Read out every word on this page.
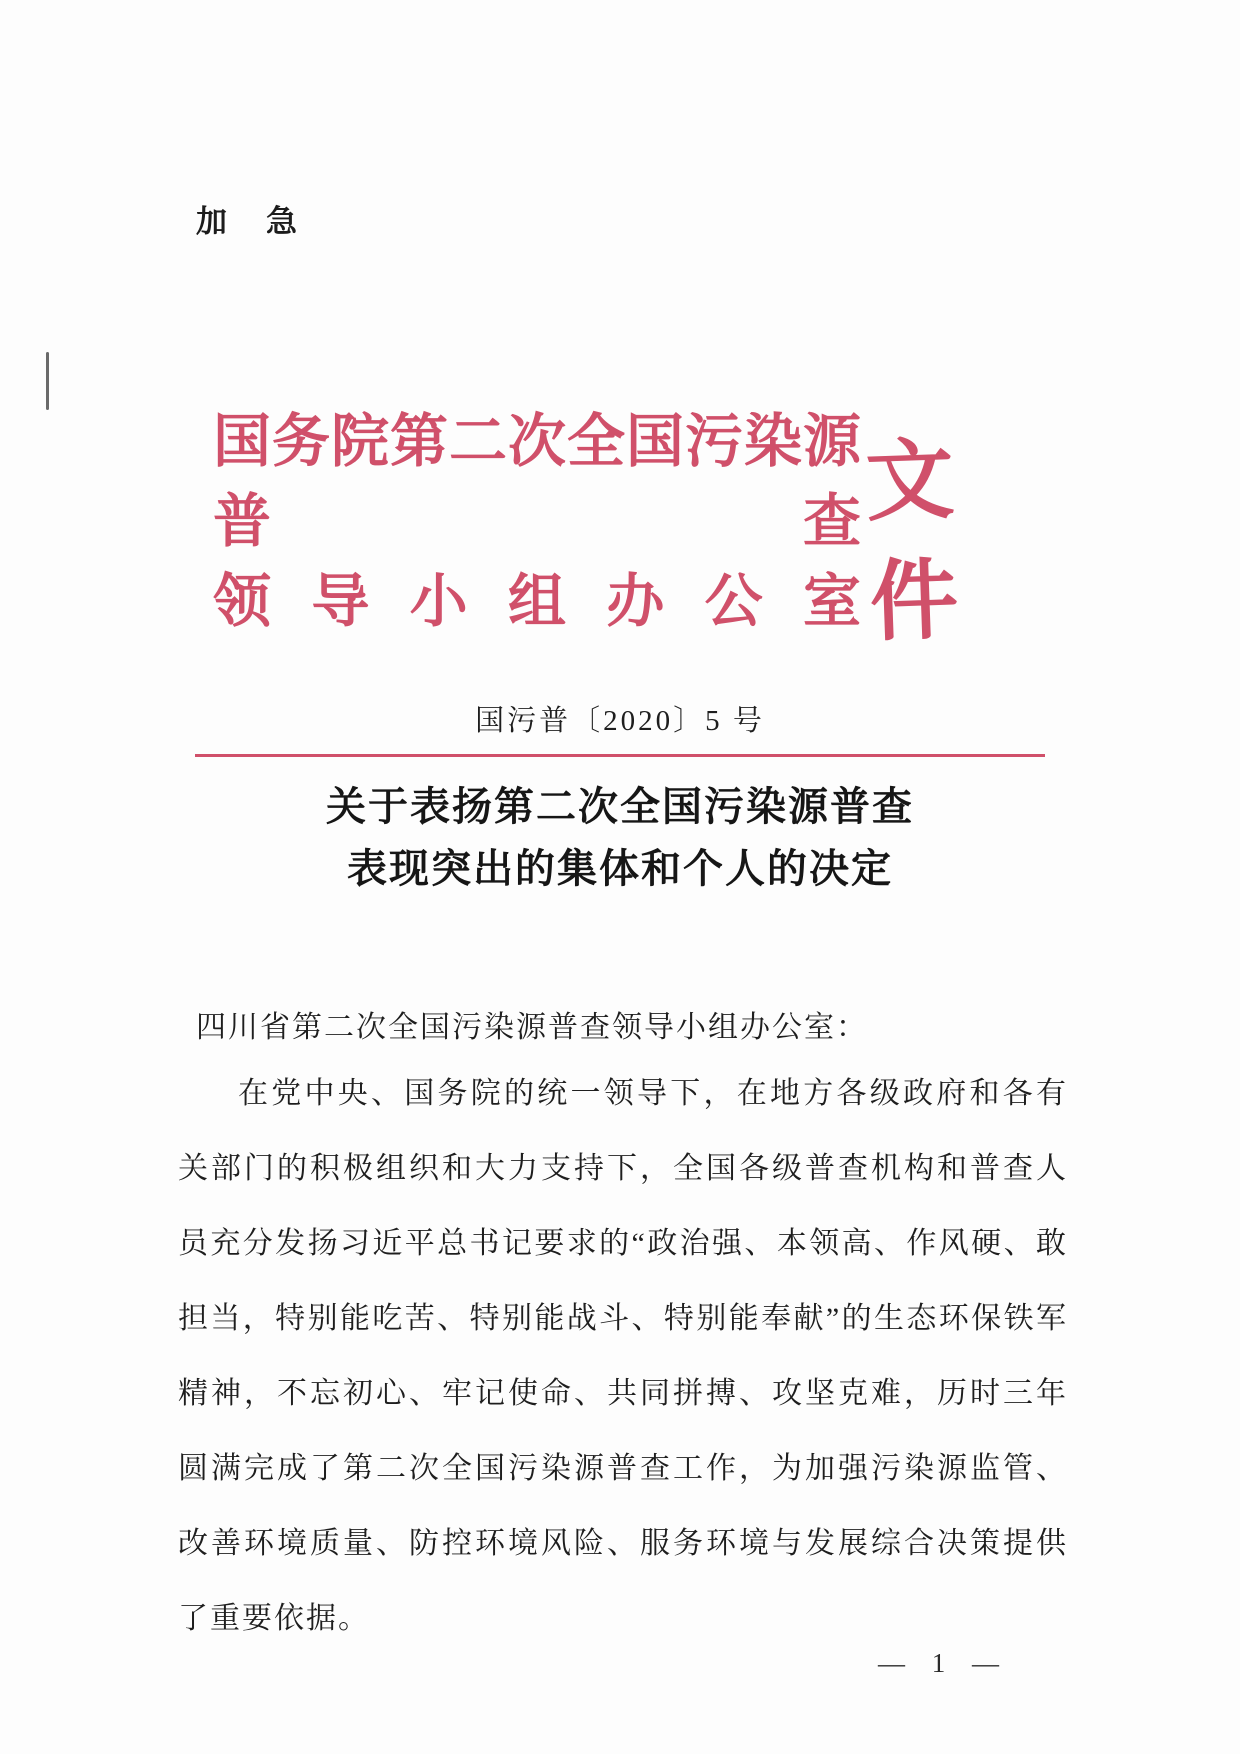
加　急
国务院第二次全国污染源普查
领导小组办公室
文件
国污普〔2020〕5 号
关于表扬第二次全国污染源普查
表现突出的集体和个人的决定
四川省第二次全国污染源普查领导小组办公室：

在党中央、国务院的统一领导下，在地方各级政府和各有关部门的积极组织和大力支持下，全国各级普查机构和普查人员充分发扬习近平总书记要求的“政治强、本领高、作风硬、敢担当，特别能吃苦、特别能战斗、特别能奉献”的生态环保铁军精神，不忘初心、牢记使命、共同拼搏、攻坚克难，历时三年圆满完成了第二次全国污染源普查工作，为加强污染源监管、改善环境质量、防控环境风险、服务环境与发展综合决策提供了重要依据。

— 1 —
